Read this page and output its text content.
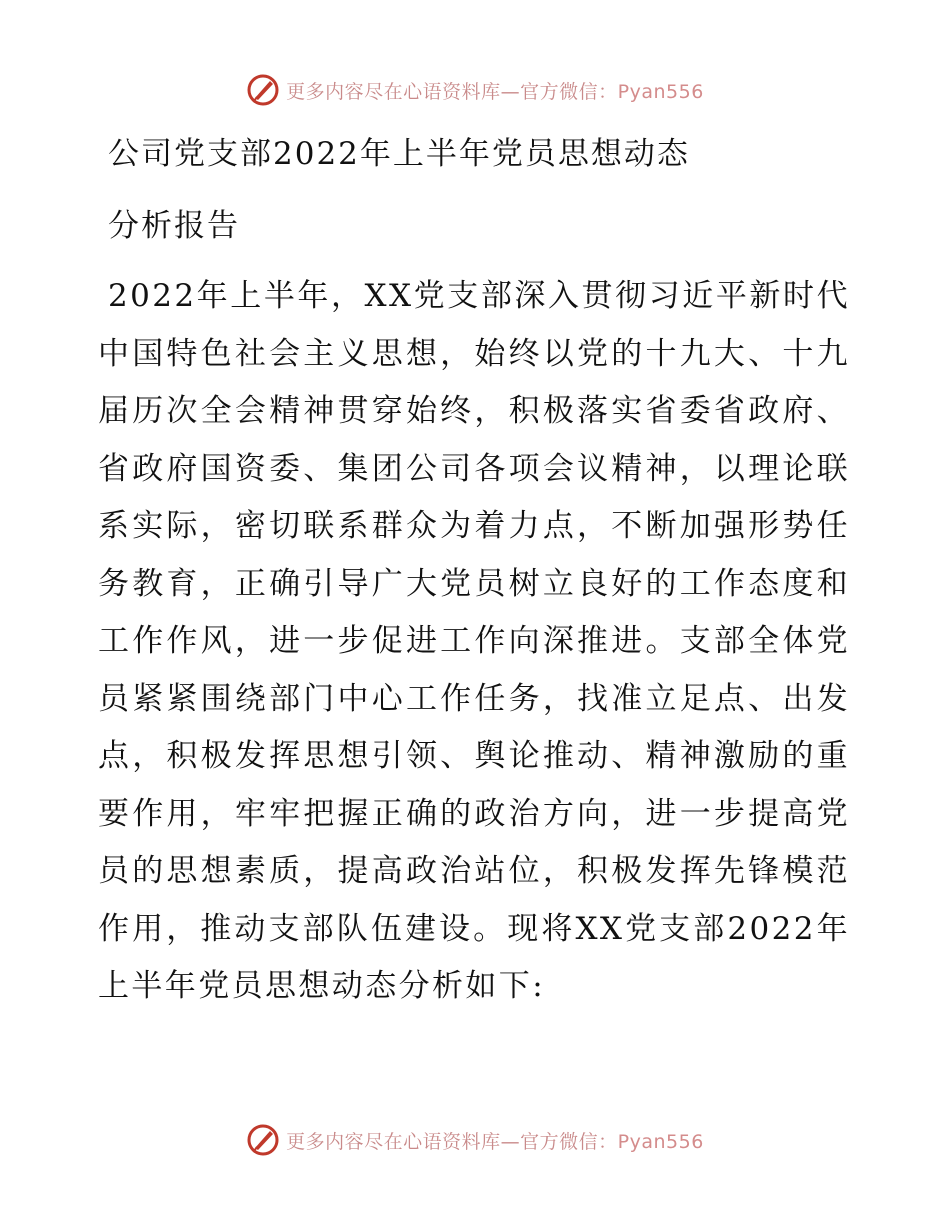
更多内容尽在心语资料库—官方微信：Pyan556
公司党支部2022年上半年党员思想动态
分析报告
2022年上半年，XX党支部深入贯彻习近平新时代中国特色社会主义思想，始终以党的十九大、十九届历次全会精神贯穿始终，积极落实省委省政府、省政府国资委、集团公司各项会议精神，以理论联系实际，密切联系群众为着力点，不断加强形势任务教育，正确引导广大党员树立良好的工作态度和工作作风，进一步促进工作向深推进。支部全体党员紧紧围绕部门中心工作任务，找准立足点、出发点，积极发挥思想引领、舆论推动、精神激励的重要作用，牢牢把握正确的政治方向，进一步提高党员的思想素质，提高政治站位，积极发挥先锋模范作用，推动支部队伍建设。现将XX党支部2022年上半年党员思想动态分析如下:
更多内容尽在心语资料库—官方微信：Pyan556
